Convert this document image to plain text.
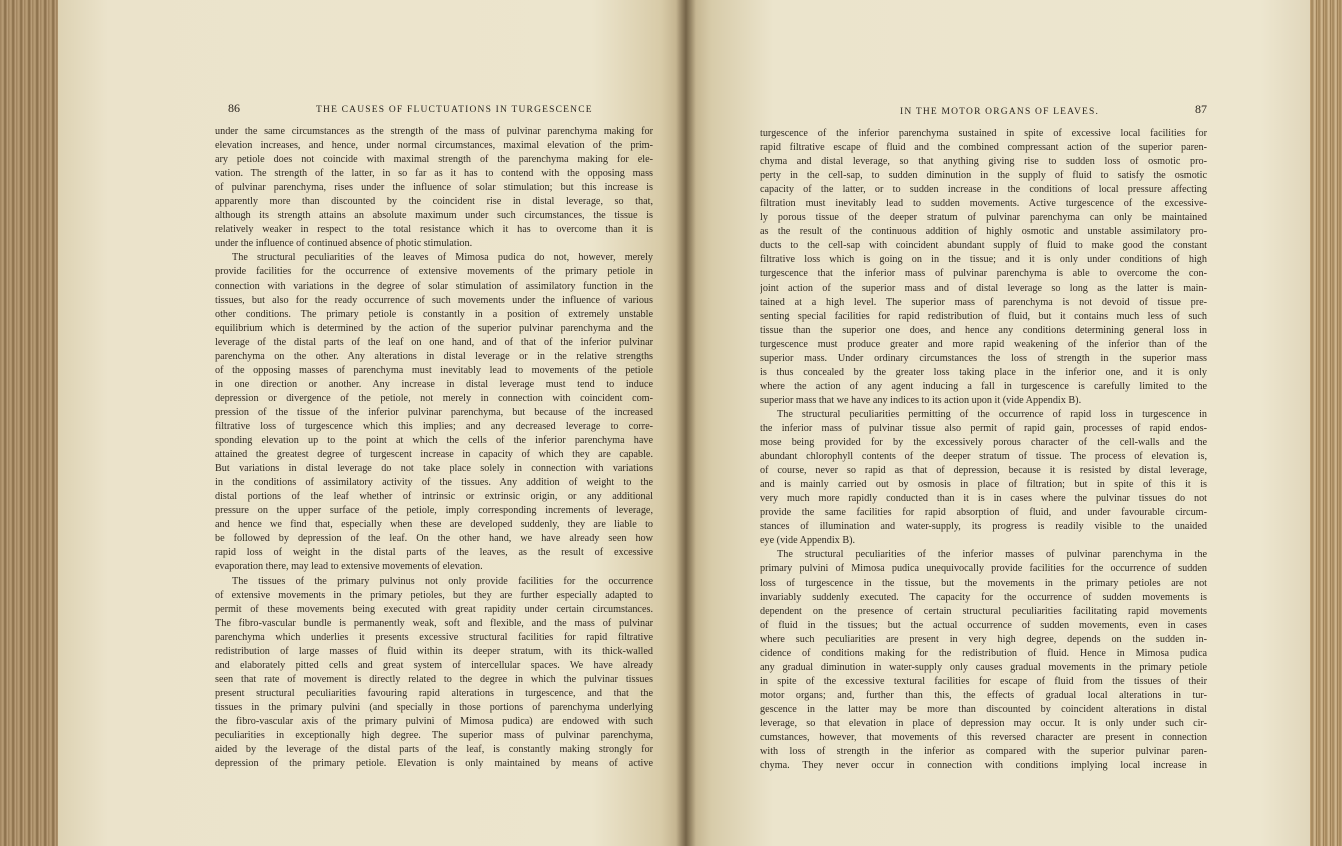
86	THE CAUSES OF FLUCTUATIONS IN TURGESCENCE
under the same circumstances as the strength of the mass of pulvinar parenchyma making for
elevation increases, and hence, under normal circumstances, maximal elevation of the prim-
ary petiole does not coincide with maximal strength of the parenchyma making for ele-
vation. The strength of the latter, in so far as it has to contend with the opposing mass
of pulvinar parenchyma, rises under the influence of solar stimulation; but this increase is
apparently more than discounted by the coincident rise in distal leverage, so that,
although its strength attains an absolute maximum under such circumstances, the tissue is
relatively weaker in respect to the total resistance which it has to overcome than it is
under the influence of continued absence of photic stimulation.
The structural peculiarities of the leaves of Mimosa pudica do not, however, merely
provide facilities for the occurrence of extensive movements of the primary petiole in
connection with variations in the degree of solar stimulation of assimilatory function in the
tissues, but also for the ready occurrence of such movements under the influence of various
other conditions. The primary petiole is constantly in a position of extremely unstable
equilibrium which is determined by the action of the superior pulvinar parenchyma and the
leverage of the distal parts of the leaf on one hand, and of that of the inferior pulvinar
parenchyma on the other. Any alterations in distal leverage or in the relative strengths
of the opposing masses of parenchyma must inevitably lead to movements of the petiole
in one direction or another. Any increase in distal leverage must tend to induce
depression or divergence of the petiole, not merely in connection with coincident com-
pression of the tissue of the inferior pulvinar parenchyma, but because of the increased
filtrative loss of turgescence which this implies; and any decreased leverage to corre-
sponding elevation up to the point at which the cells of the inferior parenchyma have
attained the greatest degree of turgescent increase in capacity of which they are capable.
But variations in distal leverage do not take place solely in connection with variations
in the conditions of assimilatory activity of the tissues. Any addition of weight to the
distal portions of the leaf whether of intrinsic or extrinsic origin, or any additional
pressure on the upper surface of the petiole, imply corresponding increments of leverage,
and hence we find that, especially when these are developed suddenly, they are liable to
be followed by depression of the leaf. On the other hand, we have already seen how
rapid loss of weight in the distal parts of the leaves, as the result of excessive
evaporation there, may lead to extensive movements of elevation.
The tissues of the primary pulvinus not only provide facilities for the occurrence
of extensive movements in the primary petioles, but they are further especially adapted to
permit of these movements being executed with great rapidity under certain circumstances.
The fibro-vascular bundle is permanently weak, soft and flexible, and the mass of pulvinar
parenchyma which underlies it presents excessive structural facilities for rapid filtrative
redistribution of large masses of fluid within its deeper stratum, with its thick-walled
and elaborately pitted cells and great system of intercellular spaces. We have already
seen that rate of movement is directly related to the degree in which the pulvinar tissues
present structural peculiarities favouring rapid alterations in turgescence, and that the
tissues in the primary pulvini (and specially in those portions of parenchyma underlying
the fibro-vascular axis of the primary pulvini of Mimosa pudica) are endowed with such
peculiarities in exceptionally high degree. The superior mass of pulvinar parenchyma,
aided by the leverage of the distal parts of the leaf, is constantly making strongly for
depression of the primary petiole. Elevation is only maintained by means of active
IN THE MOTOR ORGANS OF LEAVES.	87
turgescence of the inferior parenchyma sustained in spite of excessive local facilities for
rapid filtrative escape of fluid and the combined compressant action of the superior paren-
chyma and distal leverage, so that anything giving rise to sudden loss of osmotic pro-
perty in the cell-sap, to sudden diminution in the supply of fluid to satisfy the osmotic
capacity of the latter, or to sudden increase in the conditions of local pressure affecting
filtration must inevitably lead to sudden movements. Active turgescence of the excessive-
ly porous tissue of the deeper stratum of pulvinar parenchyma can only be maintained
as the result of the continuous addition of highly osmotic and unstable assimilatory pro-
ducts to the cell-sap with coincident abundant supply of fluid to make good the constant
filtrative loss which is going on in the tissue; and it is only under conditions of high
turgescence that the inferior mass of pulvinar parenchyma is able to overcome the con-
joint action of the superior mass and of distal leverage so long as the latter is main-
tained at a high level. The superior mass of parenchyma is not devoid of tissue pre-
senting special facilities for rapid redistribution of fluid, but it contains much less of such
tissue than the superior one does, and hence any conditions determining general loss in
turgescence must produce greater and more rapid weakening of the inferior than of the
superior mass. Under ordinary circumstances the loss of strength in the superior mass
is thus concealed by the greater loss taking place in the inferior one, and it is only
where the action of any agent inducing a fall in turgescence is carefully limited to the
superior mass that we have any indices to its action upon it (vide Appendix B).
The structural peculiarities permitting of the occurrence of rapid loss in turgescence in
the inferior mass of pulvinar tissue also permit of rapid gain, processes of rapid endos-
mose being provided for by the excessively porous character of the cell-walls and the
abundant chlorophyll contents of the deeper stratum of tissue. The process of elevation is,
of course, never so rapid as that of depression, because it is resisted by distal leverage,
and is mainly carried out by osmosis in place of filtration; but in spite of this it is
very much more rapidly conducted than it is in cases where the pulvinar tissues do not
provide the same facilities for rapid absorption of fluid, and under favourable circum-
stances of illumination and water-supply, its progress is readily visible to the unaided
eye (vide Appendix B).
The structural peculiarities of the inferior masses of pulvinar parenchyma in the
primary pulvini of Mimosa pudica unequivocally provide facilities for the occurrence of sudden
loss of turgescence in the tissue, but the movements in the primary petioles are not
invariably suddenly executed. The capacity for the occurrence of sudden movements is
dependent on the presence of certain structural peculiarities facilitating rapid movements
of fluid in the tissues; but the actual occurrence of sudden movements, even in cases
where such peculiarities are present in very high degree, depends on the sudden in-
cidence of conditions making for the redistribution of fluid. Hence in Mimosa pudica
any gradual diminution in water-supply only causes gradual movements in the primary petiole
in spite of the excessive textural facilities for escape of fluid from the tissues of their
motor organs; and, further than this, the effects of gradual local alterations in tur-
gescence in the latter may be more than discounted by coincident alterations in distal
leverage, so that elevation in place of depression may occur. It is only under such cir-
cumstances, however, that movements of this reversed character are present in connection
with loss of strength in the inferior as compared with the superior pulvinar paren-
chyma. They never occur in connection with conditions implying local increase in
